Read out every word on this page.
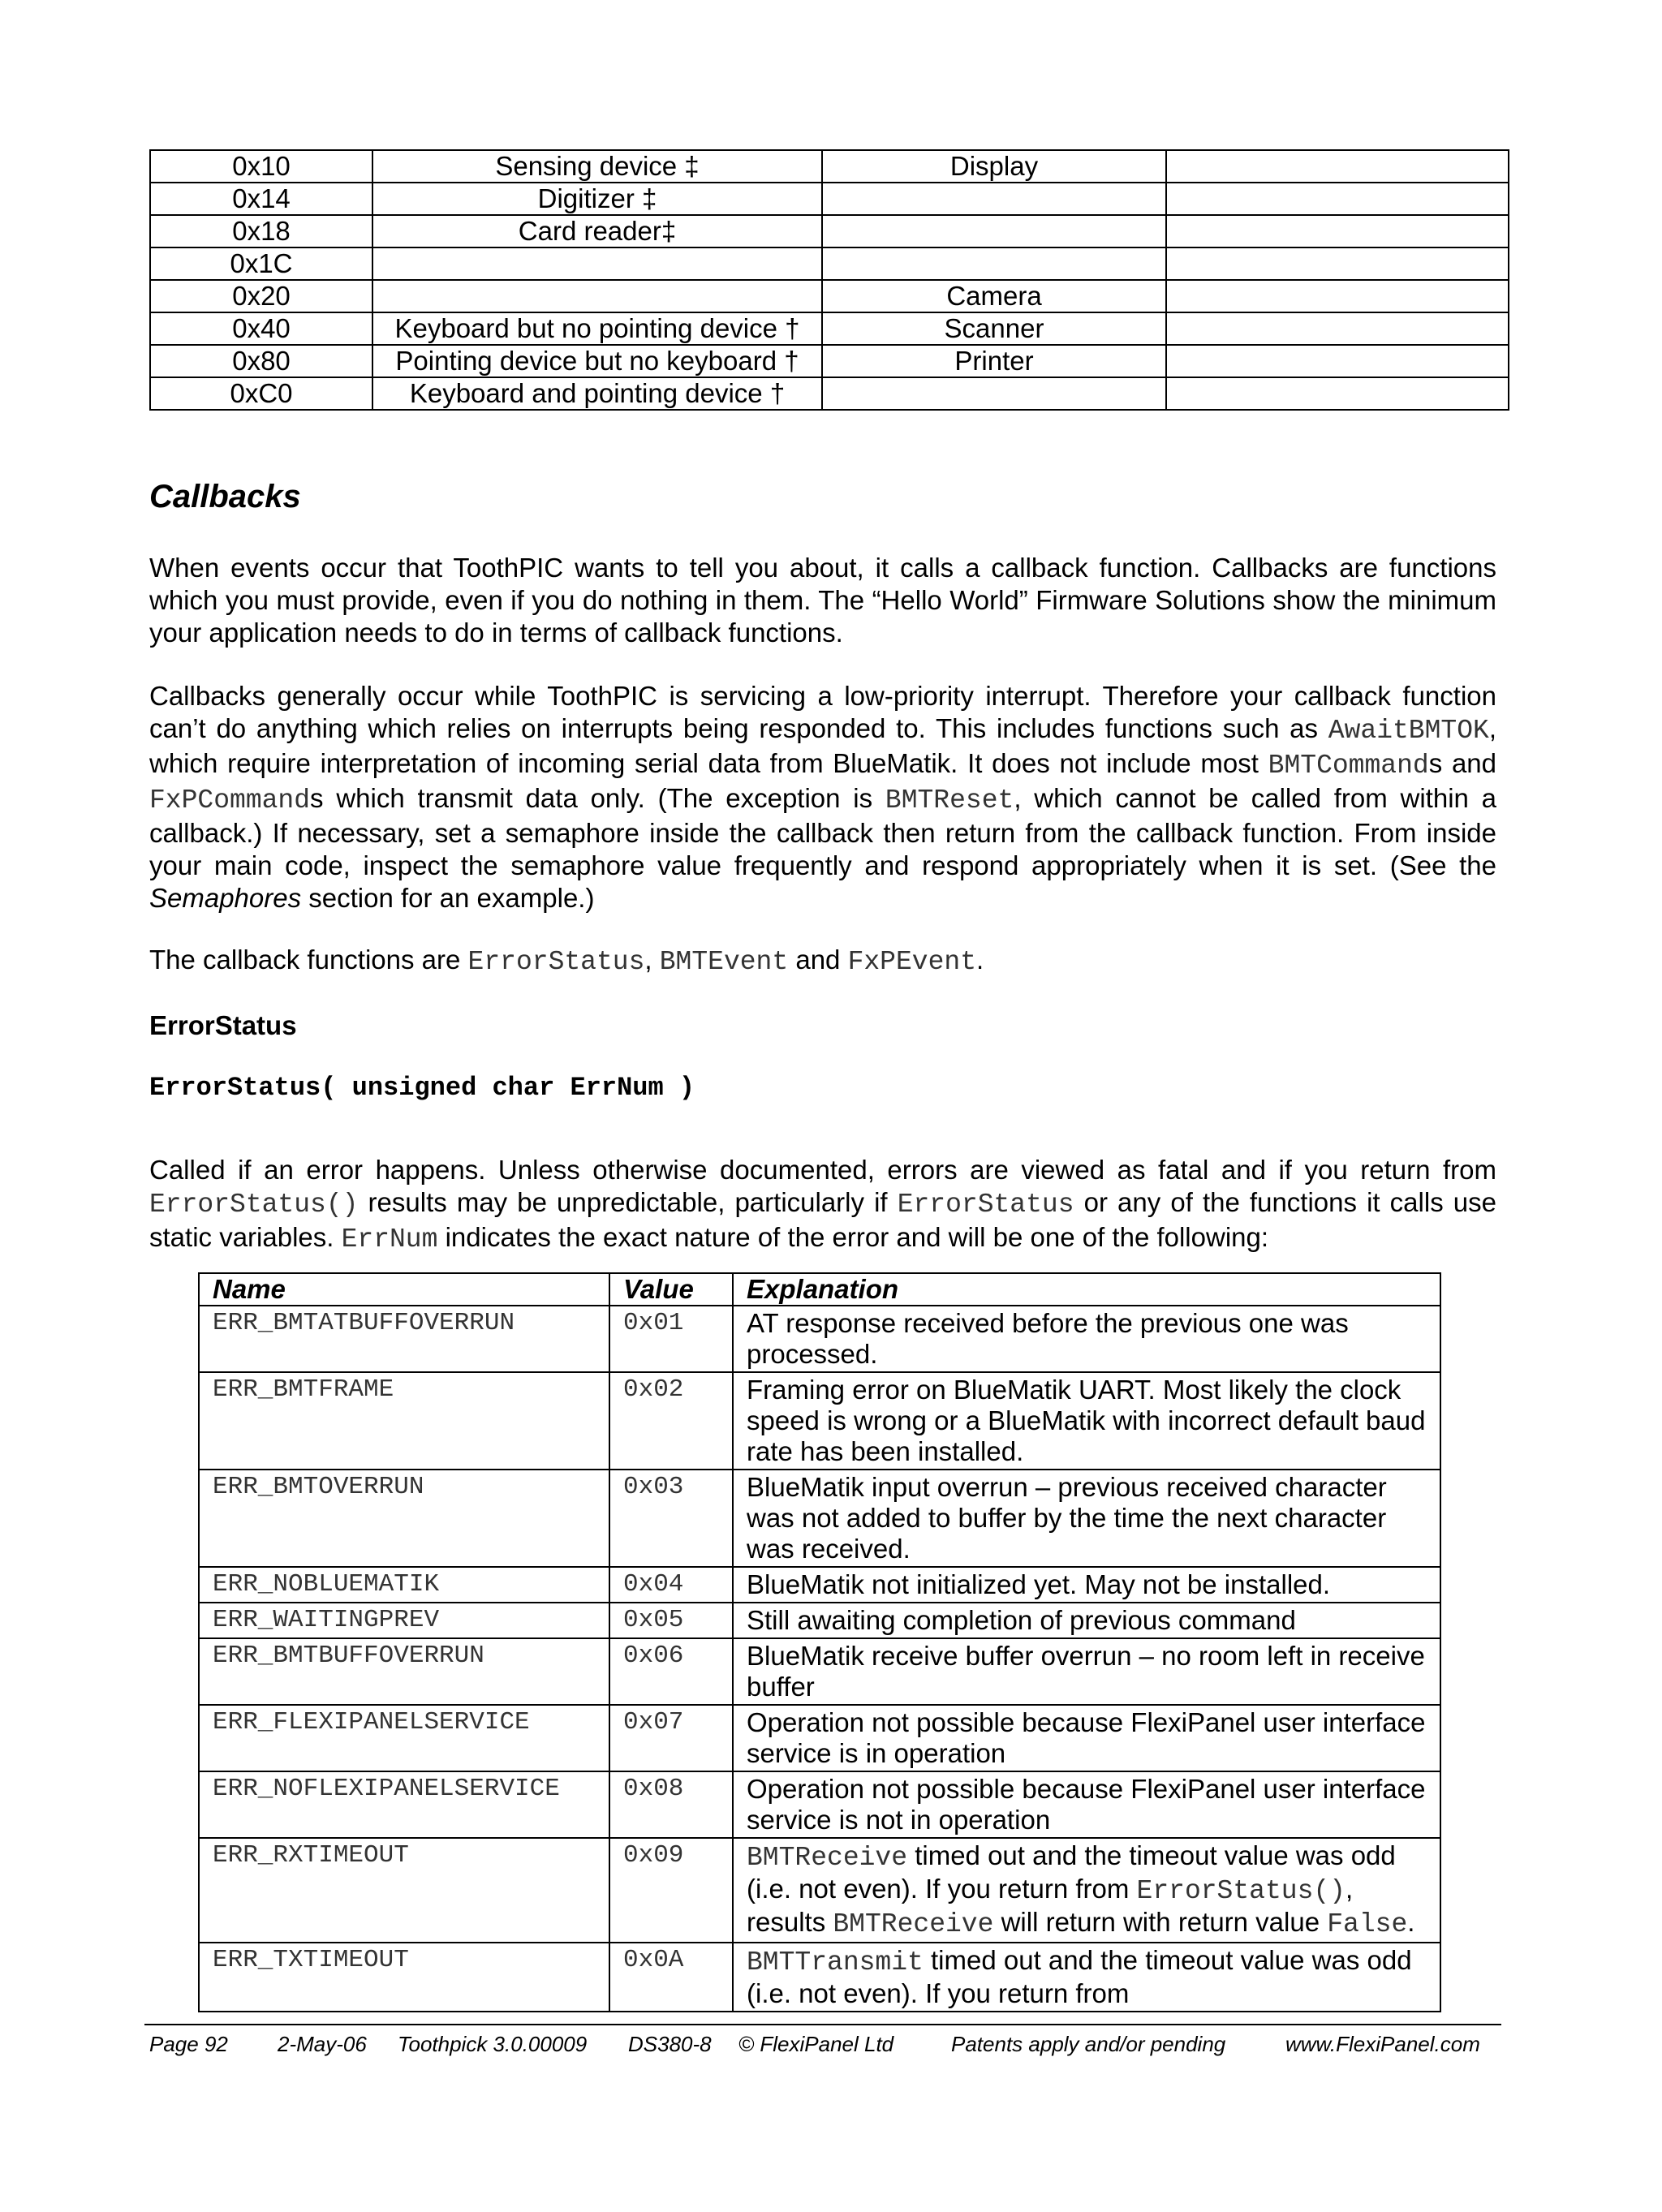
0x10	Sensing device ‡	Display	
0x14	Digitizer ‡		
0x18	Card reader‡		
0x1C			
0x20		Camera	
0x40	Keyboard but no pointing device †	Scanner	
0x80	Pointing device but no keyboard †	Printer	
0xC0	Keyboard and pointing device †		
Callbacks

When events occur that ToothPIC wants to tell you about, it calls a callback function. Callbacks are functions which you must provide, even if you do nothing in them. The “Hello World” Firmware Solutions show the minimum your application needs to do in terms of callback functions.

Callbacks generally occur while ToothPIC is servicing a low-priority interrupt. Therefore your callback function can’t do anything which relies on interrupts being responded to. This includes functions such as AwaitBMTOK, which require interpretation of incoming serial data from BlueMatik. It does not include most BMTCommands and FxPCommands which transmit data only. (The exception is BMTReset, which cannot be called from within a callback.) If necessary, set a semaphore inside the callback then return from the callback function. From inside your main code, inspect the semaphore value frequently and respond appropriately when it is set. (See the Semaphores section for an example.)

The callback functions are ErrorStatus, BMTEvent and FxPEvent.

ErrorStatus
ErrorStatus( unsigned char ErrNum )

Called if an error happens. Unless otherwise documented, errors are viewed as fatal and if you return from ErrorStatus() results may be unpredictable, particularly if ErrorStatus or any of the functions it calls use static variables. ErrNum indicates the exact nature of the error and will be one of the following:

Name	Value	Explanation
ERR_BMTATBUFFOVERRUN	0x01	AT response received before the previous one was processed.
ERR_BMTFRAME	0x02	Framing error on BlueMatik UART. Most likely the clock speed is wrong or a BlueMatik with incorrect default baud rate has been installed.
ERR_BMTOVERRUN	0x03	BlueMatik input overrun – previous received character was not added to buffer by the time the next character was received.
ERR_NOBLUEMATIK	0x04	BlueMatik not initialized yet. May not be installed.
ERR_WAITINGPREV	0x05	Still awaiting completion of previous command
ERR_BMTBUFFOVERRUN	0x06	BlueMatik receive buffer overrun – no room left in receive buffer
ERR_FLEXIPANELSERVICE	0x07	Operation not possible because FlexiPanel user interface service is in operation
ERR_NOFLEXIPANELSERVICE	0x08	Operation not possible because FlexiPanel user interface service is not in operation
ERR_RXTIMEOUT	0x09	BMTReceive timed out and the timeout value was odd (i.e. not even). If you return from ErrorStatus(), results BMTReceive will return with return value False.
ERR_TXTIMEOUT	0x0A	BMTTransmit timed out and the timeout value was odd (i.e. not even). If you return from
Page 92 2-May-06 Toothpick 3.0.00009 DS380-8 © FlexiPanel Ltd	Patents apply and/or pending	www.FlexiPanel.com
